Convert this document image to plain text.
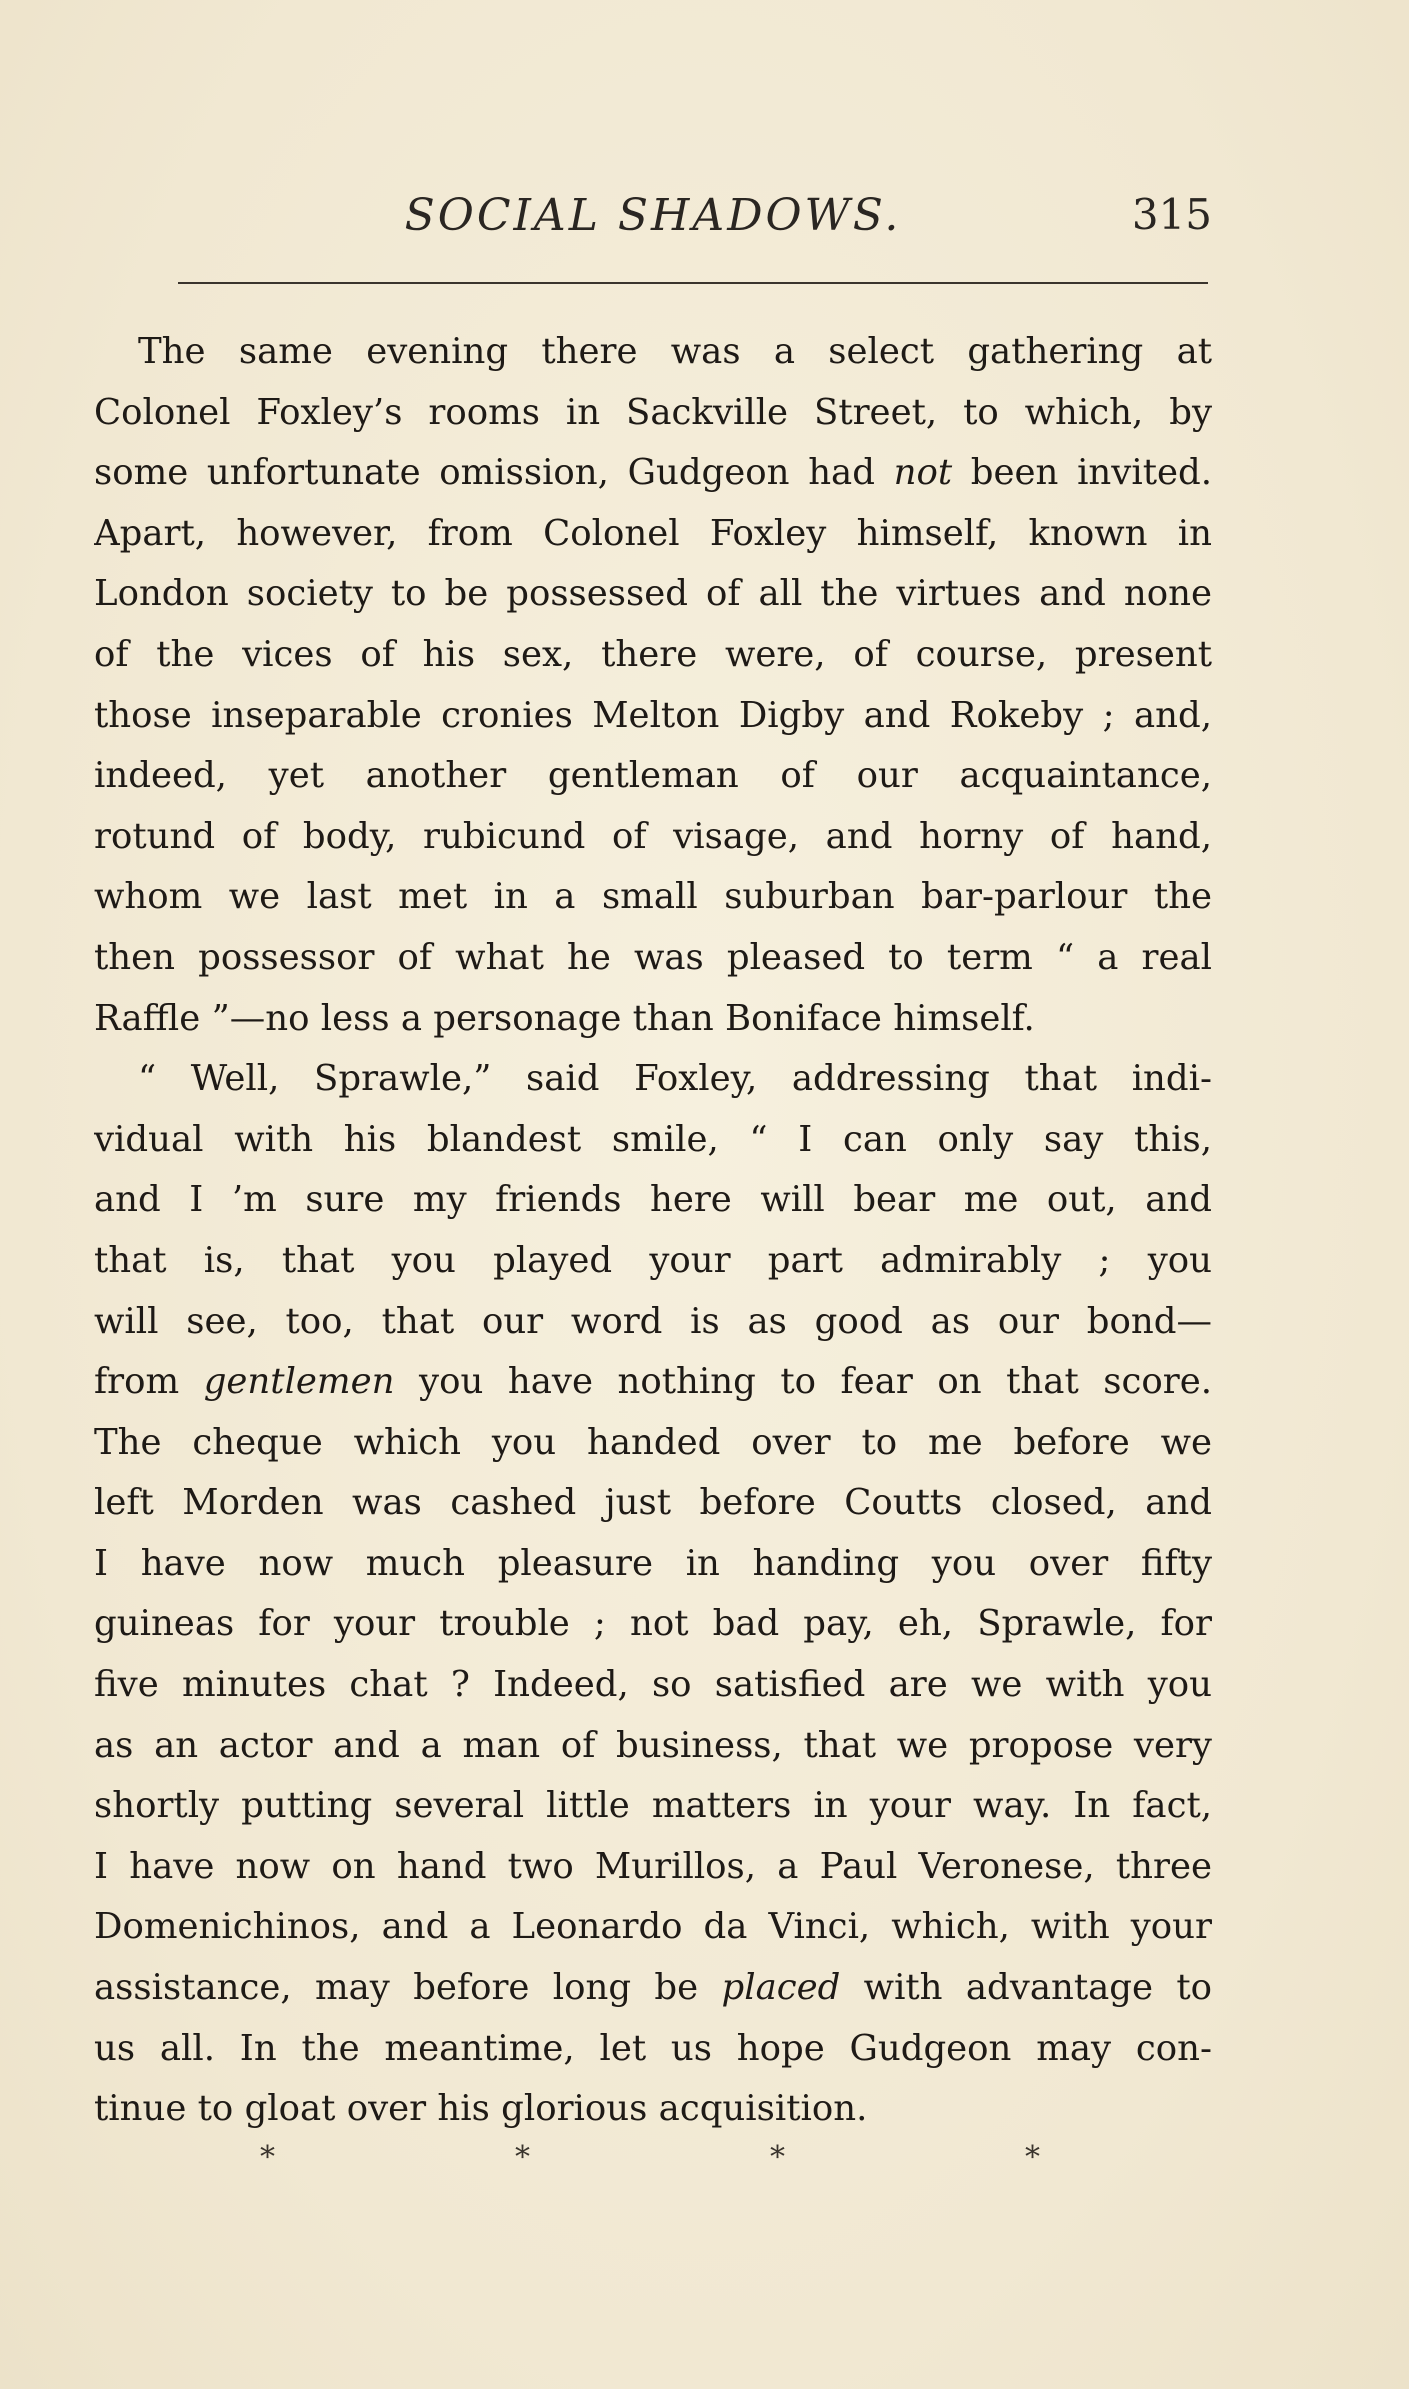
SOCIAL SHADOWS.	315
The same evening there was a select gathering at
Colonel Foxley’s rooms in Sackville Street, to which, by
some unfortunate omission, Gudgeon had not been invited.
Apart, however, from Colonel Foxley himself, known in
London society to be possessed of all the virtues and none
of the vices of his sex, there were, of course, present
those inseparable cronies Melton Digby and Rokeby ; and,
indeed, yet another gentleman of our acquaintance,
rotund of body, rubicund of visage, and horny of hand,
whom we last met in a small suburban bar-parlour the
then possessor of what he was pleased to term “ a real
Raffle ”—no less a personage than Boniface himself.
“ Well, Sprawle,” said Foxley, addressing that indi-
vidual with his blandest smile, “ I can only say this,
and I ’m sure my friends here will bear me out, and
that is, that you played your part admirably ; you
will see, too, that our word is as good as our bond—
from gentlemen you have nothing to fear on that score.
The cheque which you handed over to me before we
left Morden was cashed just before Coutts closed, and
I have now much pleasure in handing you over fifty
guineas for your trouble ; not bad pay, eh, Sprawle, for
five minutes chat ? Indeed, so satisfied are we with you
as an actor and a man of business, that we propose very
shortly putting several little matters in your way. In fact,
I have now on hand two Murillos, a Paul Veronese, three
Domenichinos, and a Leonardo da Vinci, which, with your
assistance, may before long be placed with advantage to
us all. In the meantime, let us hope Gudgeon may con-
tinue to gloat over his glorious acquisition.
*	*	*	*
